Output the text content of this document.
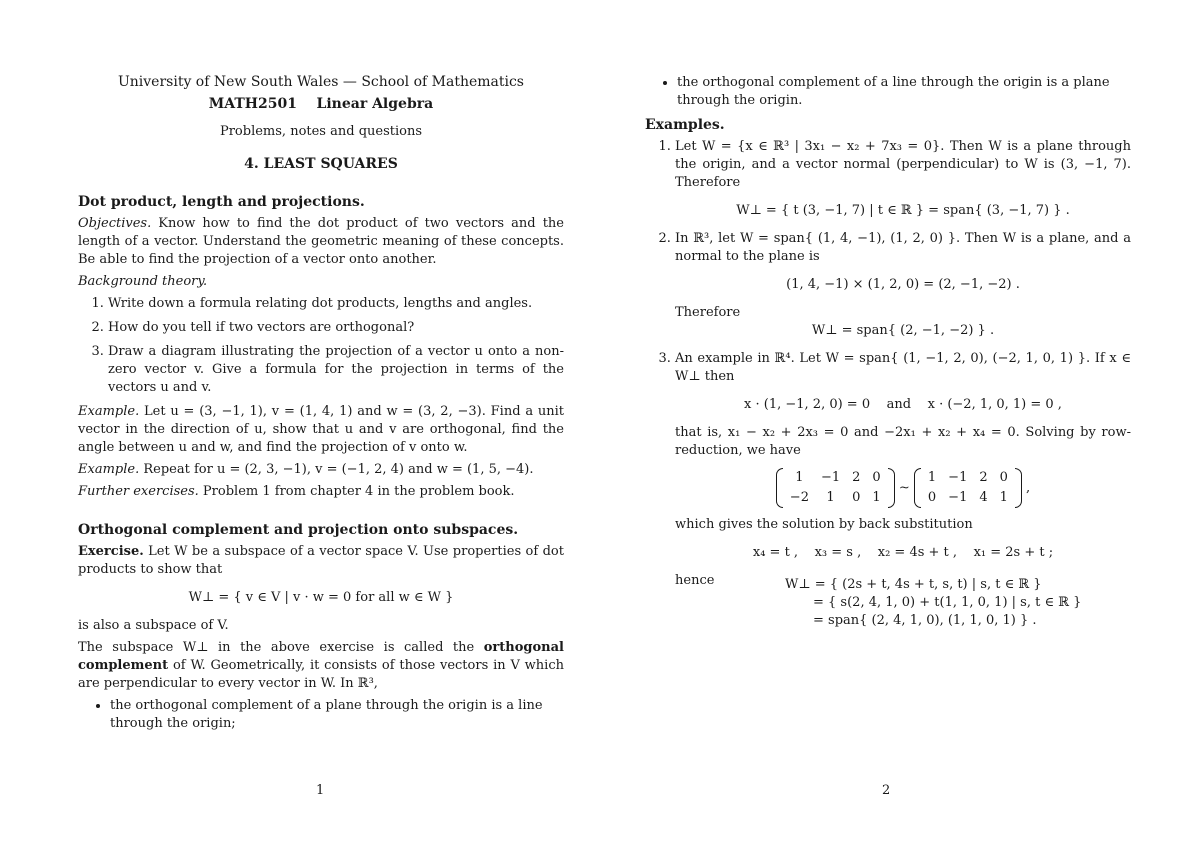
University of New South Wales — School of Mathematics
MATH2501    Linear Algebra
Problems, notes and questions
4. LEAST SQUARES
Dot product, length and projections.
Objectives. Know how to find the dot product of two vectors and the length of a vector. Understand the geometric meaning of these concepts. Be able to find the projection of a vector onto another.
Background theory.
1. Write down a formula relating dot products, lengths and angles.
2. How do you tell if two vectors are orthogonal?
3. Draw a diagram illustrating the projection of a vector u onto a non-zero vector v. Give a formula for the projection in terms of the vectors u and v.
Example. Let u = (3, −1, 1), v = (1, 4, 1) and w = (3, 2, −3). Find a unit vector in the direction of u, show that u and v are orthogonal, find the angle between u and w, and find the projection of v onto w.
Example. Repeat for u = (2, 3, −1), v = (−1, 2, 4) and w = (1, 5, −4).
Further exercises. Problem 1 from chapter 4 in the problem book.
Orthogonal complement and projection onto subspaces.
Exercise. Let W be a subspace of a vector space V. Use properties of dot products to show that
W⊥ = { v ∈ V | v · w = 0 for all w ∈ W }
is also a subspace of V.
The subspace W⊥ in the above exercise is called the orthogonal complement of W. Geometrically, it consists of those vectors in V which are perpendicular to every vector in W. In ℝ³,
• the orthogonal complement of a plane through the origin is a line through the origin;
1
• the orthogonal complement of a line through the origin is a plane through the origin.
Examples.
1. Let W = {x ∈ ℝ³ | 3x₁ − x₂ + 7x₃ = 0}. Then W is a plane through the origin, and a vector normal (perpendicular) to W is (3, −1, 7). Therefore
W⊥ = { t (3, −1, 7) | t ∈ ℝ } = span{ (3, −1, 7) } .
2. In ℝ³, let W = span{ (1, 4, −1), (1, 2, 0) }. Then W is a plane, and a normal to the plane is
(1, 4, −1) × (1, 2, 0) = (2, −1, −2) .
Therefore
W⊥ = span{ (2, −1, −2) } .
3. An example in ℝ⁴. Let W = span{ (1, −1, 2, 0), (−2, 1, 0, 1) }. If x ∈ W⊥ then
x · (1, −1, 2, 0) = 0    and    x · (−2, 1, 0, 1) = 0 ,
that is, x₁ − x₂ + 2x₃ = 0 and −2x₁ + x₂ + x₄ = 0. Solving by row-reduction, we have
1	−1	2	0
−2	1	0	1
∼
1	−1	2	0
0	−1	4	1
,
which gives the solution by back substitution
x₄ = t ,    x₃ = s ,    x₂ = 4s + t ,    x₁ = 2s + t ;
hence	W⊥ = { (2s + t, 4s + t, s, t) | s, t ∈ ℝ }
= { s(2, 4, 1, 0) + t(1, 1, 0, 1) | s, t ∈ ℝ }
= span{ (2, 4, 1, 0), (1, 1, 0, 1) } .
2
